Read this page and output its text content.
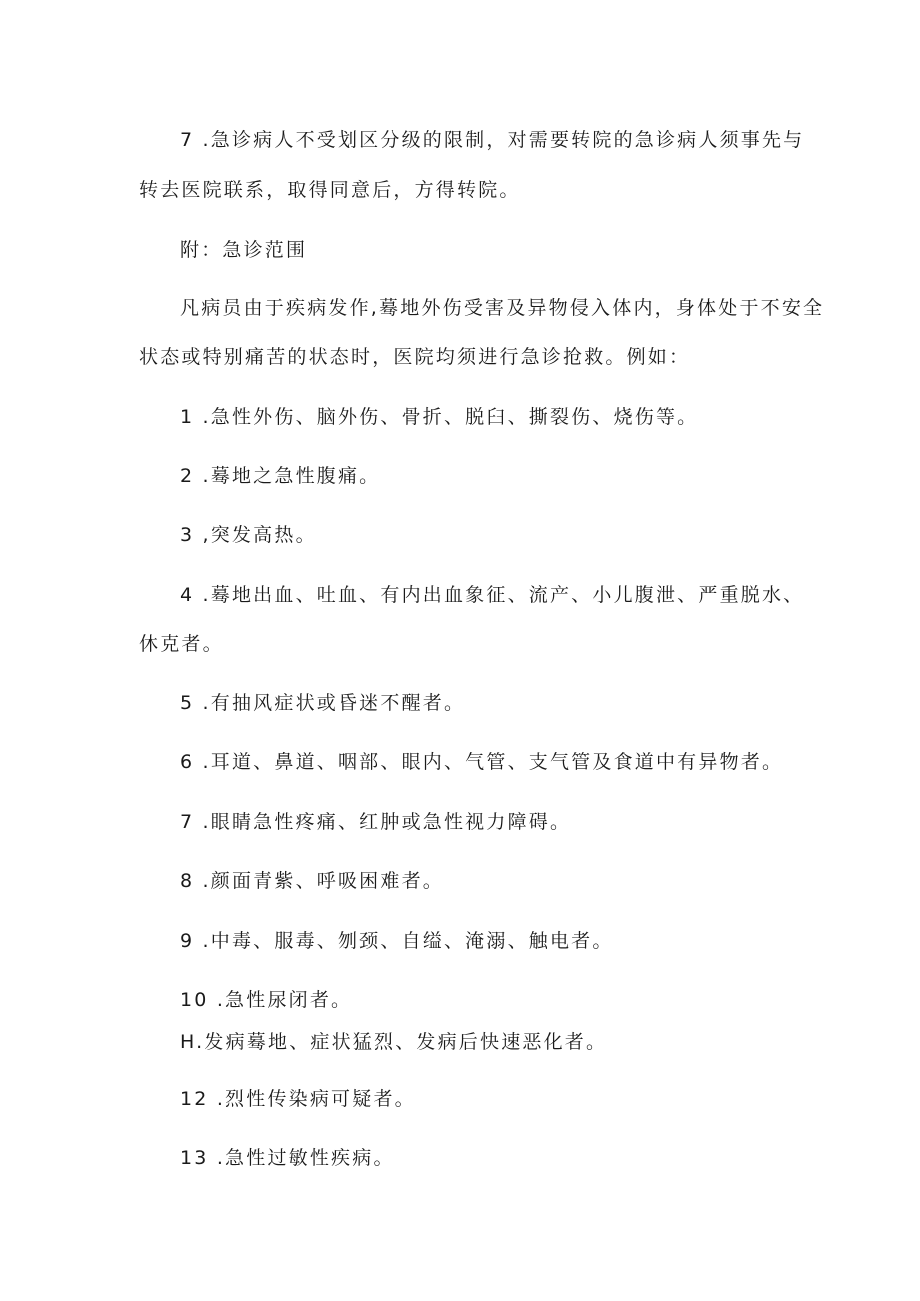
7 .急诊病人不受划区分级的限制，对需要转院的急诊病人须事先与
转去医院联系，取得同意后，方得转院。
附：急诊范围
凡病员由于疾病发作,蓦地外伤受害及异物侵入体内，身体处于不安全
状态或特别痛苦的状态时，医院均须进行急诊抢救。例如：
1 .急性外伤、脑外伤、骨折、脱臼、撕裂伤、烧伤等。
2 .蓦地之急性腹痛。
3 ,突发高热。
4 .蓦地出血、吐血、有内出血象征、流产、小儿腹泄、严重脱水、
休克者。
5 .有抽风症状或昏迷不醒者。
6 .耳道、鼻道、咽部、眼内、气管、支气管及食道中有异物者。
7 .眼睛急性疼痛、红肿或急性视力障碍。
8 .颜面青紫、呼吸困难者。
9 .中毒、服毒、刎颈、自缢、淹溺、触电者。
10 .急性尿闭者。
H.发病蓦地、症状猛烈、发病后快速恶化者。
12 .烈性传染病可疑者。
13 .急性过敏性疾病。
